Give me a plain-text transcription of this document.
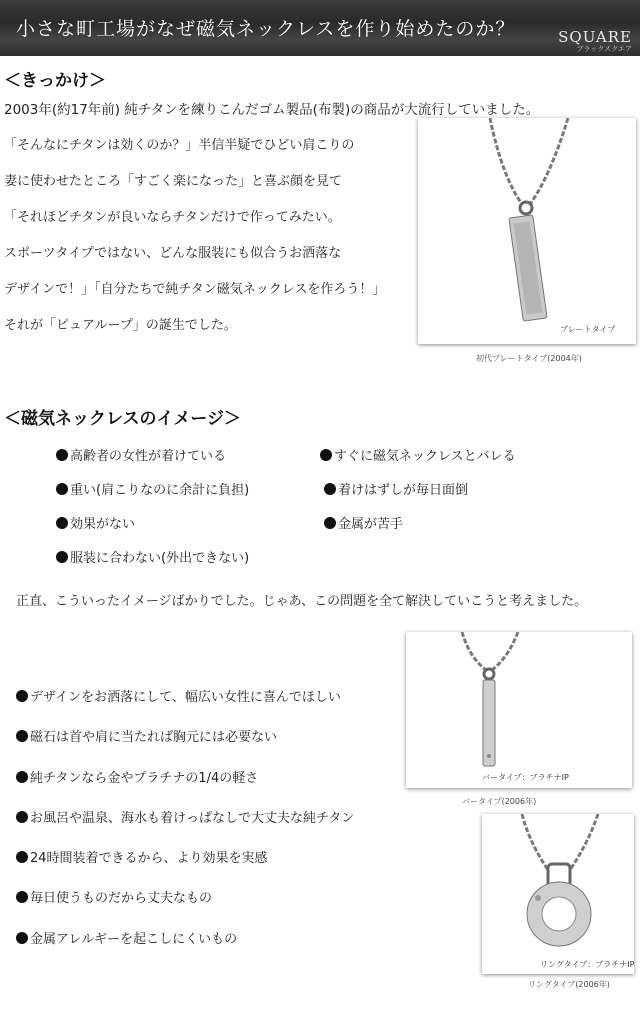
小さな町工場がなぜ磁気ネックレスを作り始めたのか？	SQUARE
ブラックスクエア
＜きっかけ＞
2003年(約17年前) 純チタンを練りこんだゴム製品(布製)の商品が大流行していました。
「そんなにチタンは効くのか？」半信半疑でひどい肩こりの
妻に使わせたところ「すごく楽になった」と喜ぶ顔を見て
「それほどチタンが良いならチタンだけで作ってみたい。
スポーツタイプではない、どんな服装にも似合うお洒落な
デザインで！」「自分たちで純チタン磁気ネックレスを作ろう！」
それが「ピュアループ」の誕生でした。	プレートタイプ
初代プレートタイプ(2004年)
＜磁気ネックレスのイメージ＞
高齢者の女性が着けている
重い(肩こりなのに余計に負担)
効果がない
服装に合わない(外出できない)
すぐに磁気ネックレスとバレる
着けはずしが毎日面倒
金属が苦手
正直、こういったイメージばかりでした。じゃあ、この問題を全て解決していこうと考えました。
デザインをお洒落にして、幅広い女性に喜んでほしい
磁石は首や肩に当たれば胸元には必要ない
純チタンなら金やプラチナの1/4の軽さ
お風呂や温泉、海水も着けっぱなしで大丈夫な純チタン
24時間装着できるから、より効果を実感
毎日使うものだから丈夫なもの
金属アレルギーを起こしにくいもの
バータイプ：プラチナIP
バータイプ(2006年)
リングタイプ：プラチナIP
リングタイプ(2006年)
